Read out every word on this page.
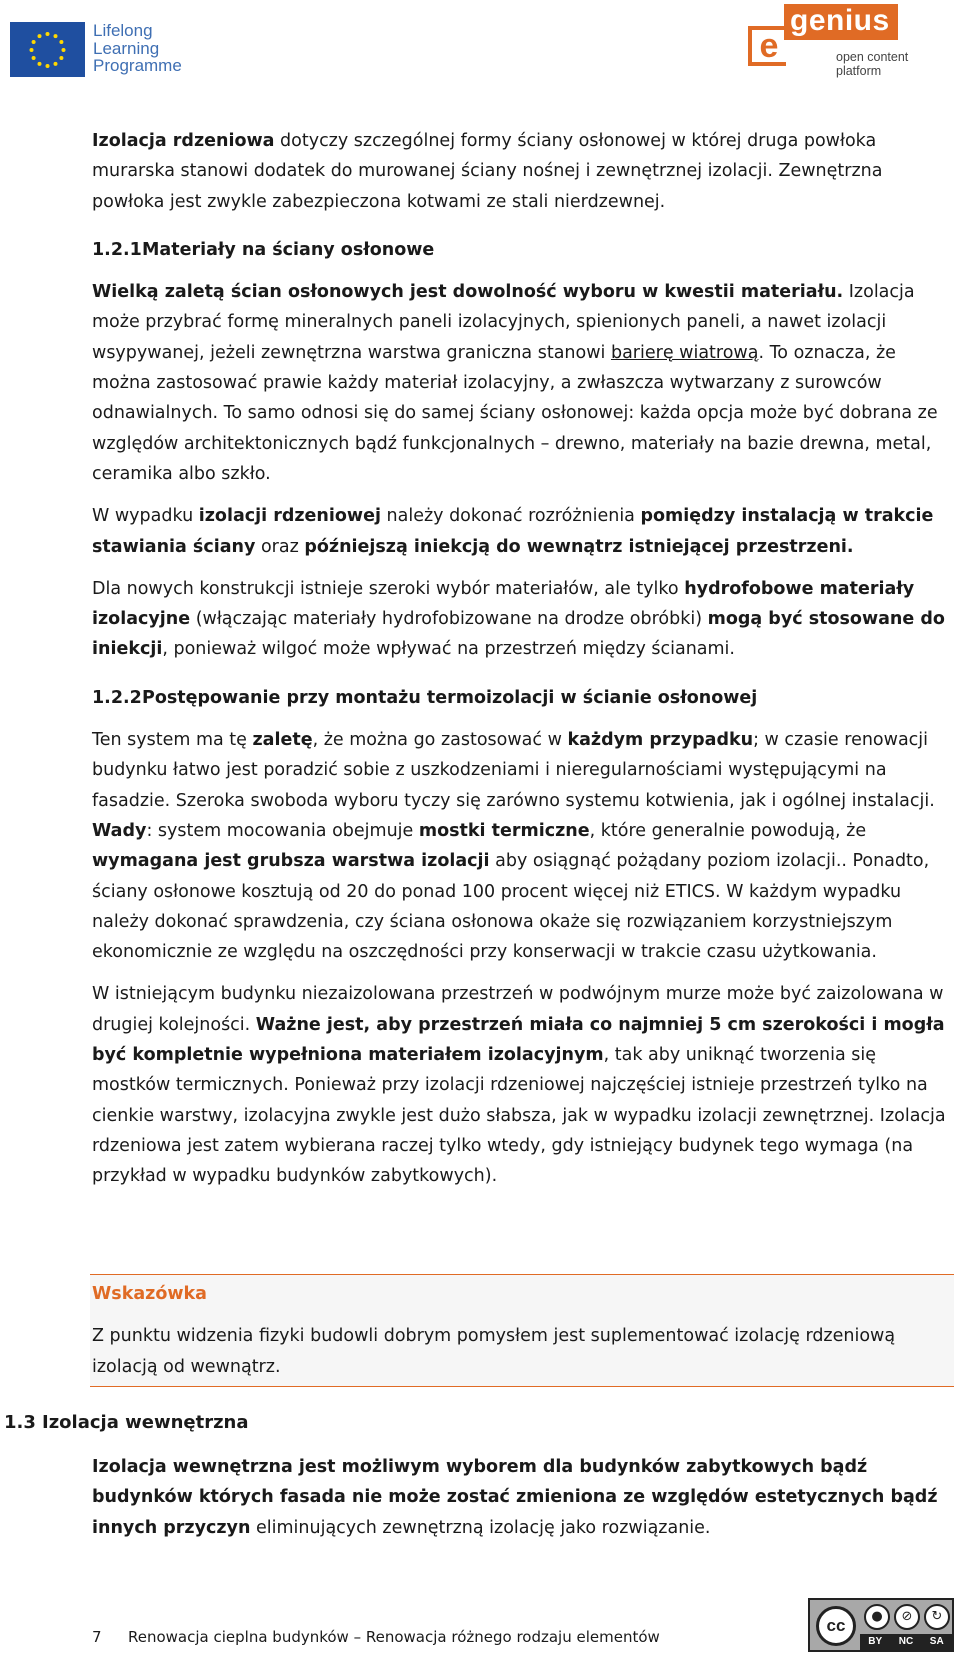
Lifelong
Learning
Programme
e
genius
open content
platform

Izolacja rdzeniowa dotyczy szczególnej formy ściany osłonowej w której druga powłoka murarska stanowi dodatek do murowanej ściany nośnej i zewnętrznej izolacji. Zewnętrzna powłoka jest zwykle zabezpieczona kotwami ze stali nierdzewnej.

1.2.1Materiały na ściany osłonowe

Wielką zaletą ścian osłonowych jest dowolność wyboru w kwestii materiału. Izolacja może przybrać formę mineralnych paneli izolacyjnych, spienionych paneli, a nawet izolacji wsypywanej, jeżeli zewnętrzna warstwa graniczna stanowi barierę wiatrową. To oznacza, że można zastosować prawie każdy materiał izolacyjny, a zwłaszcza wytwarzany z surowców odnawialnych. To samo odnosi się do samej ściany osłonowej: każda opcja może być dobrana ze względów architektonicznych bądź funkcjonalnych – drewno, materiały na bazie drewna, metal, ceramika albo szkło.

W wypadku izolacji rdzeniowej należy dokonać rozróżnienia pomiędzy instalacją w trakcie stawiania ściany oraz późniejszą iniekcją do wewnątrz istniejącej przestrzeni.

Dla nowych konstrukcji istnieje szeroki wybór materiałów, ale tylko hydrofobowe materiały izolacyjne (włączając materiały hydrofobizowane na drodze obróbki) mogą być stosowane do iniekcji, ponieważ wilgoć może wpływać na przestrzeń między ścianami.

1.2.2Postępowanie przy montażu termoizolacji w ścianie osłonowej

Ten system ma tę zaletę, że można go zastosować w każdym przypadku; w czasie renowacji budynku łatwo jest poradzić sobie z uszkodzeniami i nieregularnościami występującymi na fasadzie. Szeroka swoboda wyboru tyczy się zarówno systemu kotwienia, jak i ogólnej instalacji. Wady: system mocowania obejmuje mostki termiczne, które generalnie powodują, że wymagana jest grubsza warstwa izolacji aby osiągnąć pożądany poziom izolacji.. Ponadto, ściany osłonowe kosztują od 20 do ponad 100 procent więcej niż ETICS. W każdym wypadku należy dokonać sprawdzenia, czy ściana osłonowa okaże się rozwiązaniem korzystniejszym ekonomicznie ze względu na oszczędności przy konserwacji w trakcie czasu użytkowania.

W istniejącym budynku niezaizolowana przestrzeń w podwójnym murze może być zaizolowana w drugiej kolejności. Ważne jest, aby przestrzeń miała co najmniej 5 cm szerokości i mogła być kompletnie wypełniona materiałem izolacyjnym, tak aby uniknąć tworzenia się mostków termicznych. Ponieważ przy izolacji rdzeniowej najczęściej istnieje przestrzeń tylko na cienkie warstwy, izolacyjna zwykle jest dużo słabsza, jak w wypadku izolacji zewnętrznej. Izolacja rdzeniowa jest zatem wybierana raczej tylko wtedy, gdy istniejący budynek tego wymaga (na przykład w wypadku budynków zabytkowych).

Wskazówka
Z punktu widzenia fizyki budowli dobrym pomysłem jest suplementować izolację rdzeniową izolacją od wewnątrz.
1.3 Izolacja wewnętrzna

Izolacja wewnętrzna jest możliwym wyborem dla budynków zabytkowych bądź budynków których fasada nie może zostać zmieniona ze względów estetycznych bądź innych przyczyn eliminujących zewnętrzną izolację jako rozwiązanie.

7 Renowacja cieplna budynków – Renowacja różnego rodzaju elementów
cc	●	⊘	↻
BY NC SA
